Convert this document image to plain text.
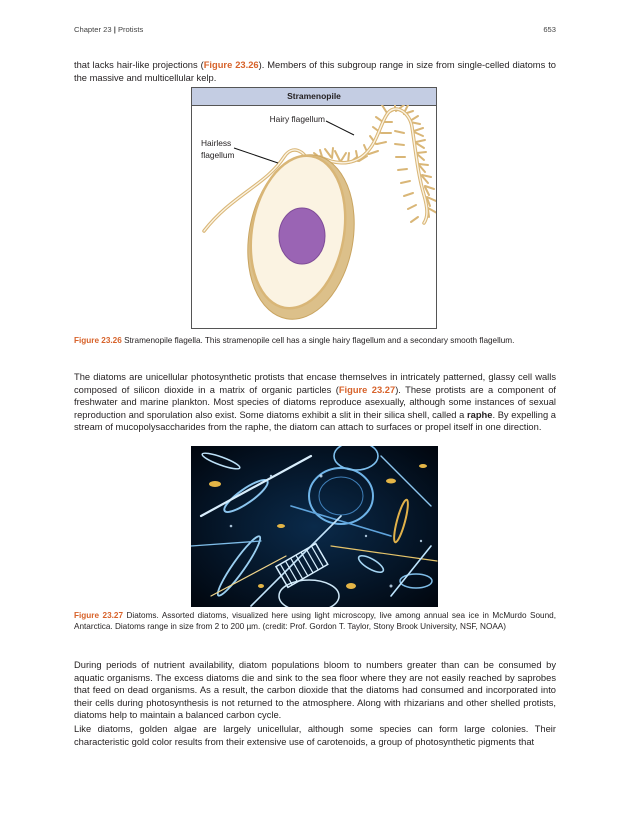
Chapter 23 | Protists	653

that lacks hair-like projections (Figure 23.26). Members of this subgroup range in size from single-celled diatoms to the massive and multicellular kelp.

Stramenopile
Hairy flagellum
Hairless
flagellum

Figure 23.26 Stramenopile flagella. This stramenopile cell has a single hairy flagellum and a secondary smooth flagellum.

The diatoms are unicellular photosynthetic protists that encase themselves in intricately patterned, glassy cell walls composed of silicon dioxide in a matrix of organic particles (Figure 23.27). These protists are a component of freshwater and marine plankton. Most species of diatoms reproduce asexually, although some instances of sexual reproduction and sporulation also exist. Some diatoms exhibit a slit in their silica shell, called a raphe. By expelling a stream of mucopolysaccharides from the raphe, the diatom can attach to surfaces or propel itself in one direction.

Figure 23.27 Diatoms. Assorted diatoms, visualized here using light microscopy, live among annual sea ice in McMurdo Sound, Antarctica. Diatoms range in size from 2 to 200 µm. (credit: Prof. Gordon T. Taylor, Stony Brook University, NSF, NOAA)

During periods of nutrient availability, diatom populations bloom to numbers greater than can be consumed by aquatic organisms. The excess diatoms die and sink to the sea floor where they are not easily reached by saprobes that feed on dead organisms. As a result, the carbon dioxide that the diatoms had consumed and incorporated into their cells during photosynthesis is not returned to the atmosphere. Along with rhizarians and other shelled protists, diatoms help to maintain a balanced carbon cycle.

Like diatoms, golden algae are largely unicellular, although some species can form large colonies. Their characteristic gold color results from their extensive use of carotenoids, a group of photosynthetic pigments that
